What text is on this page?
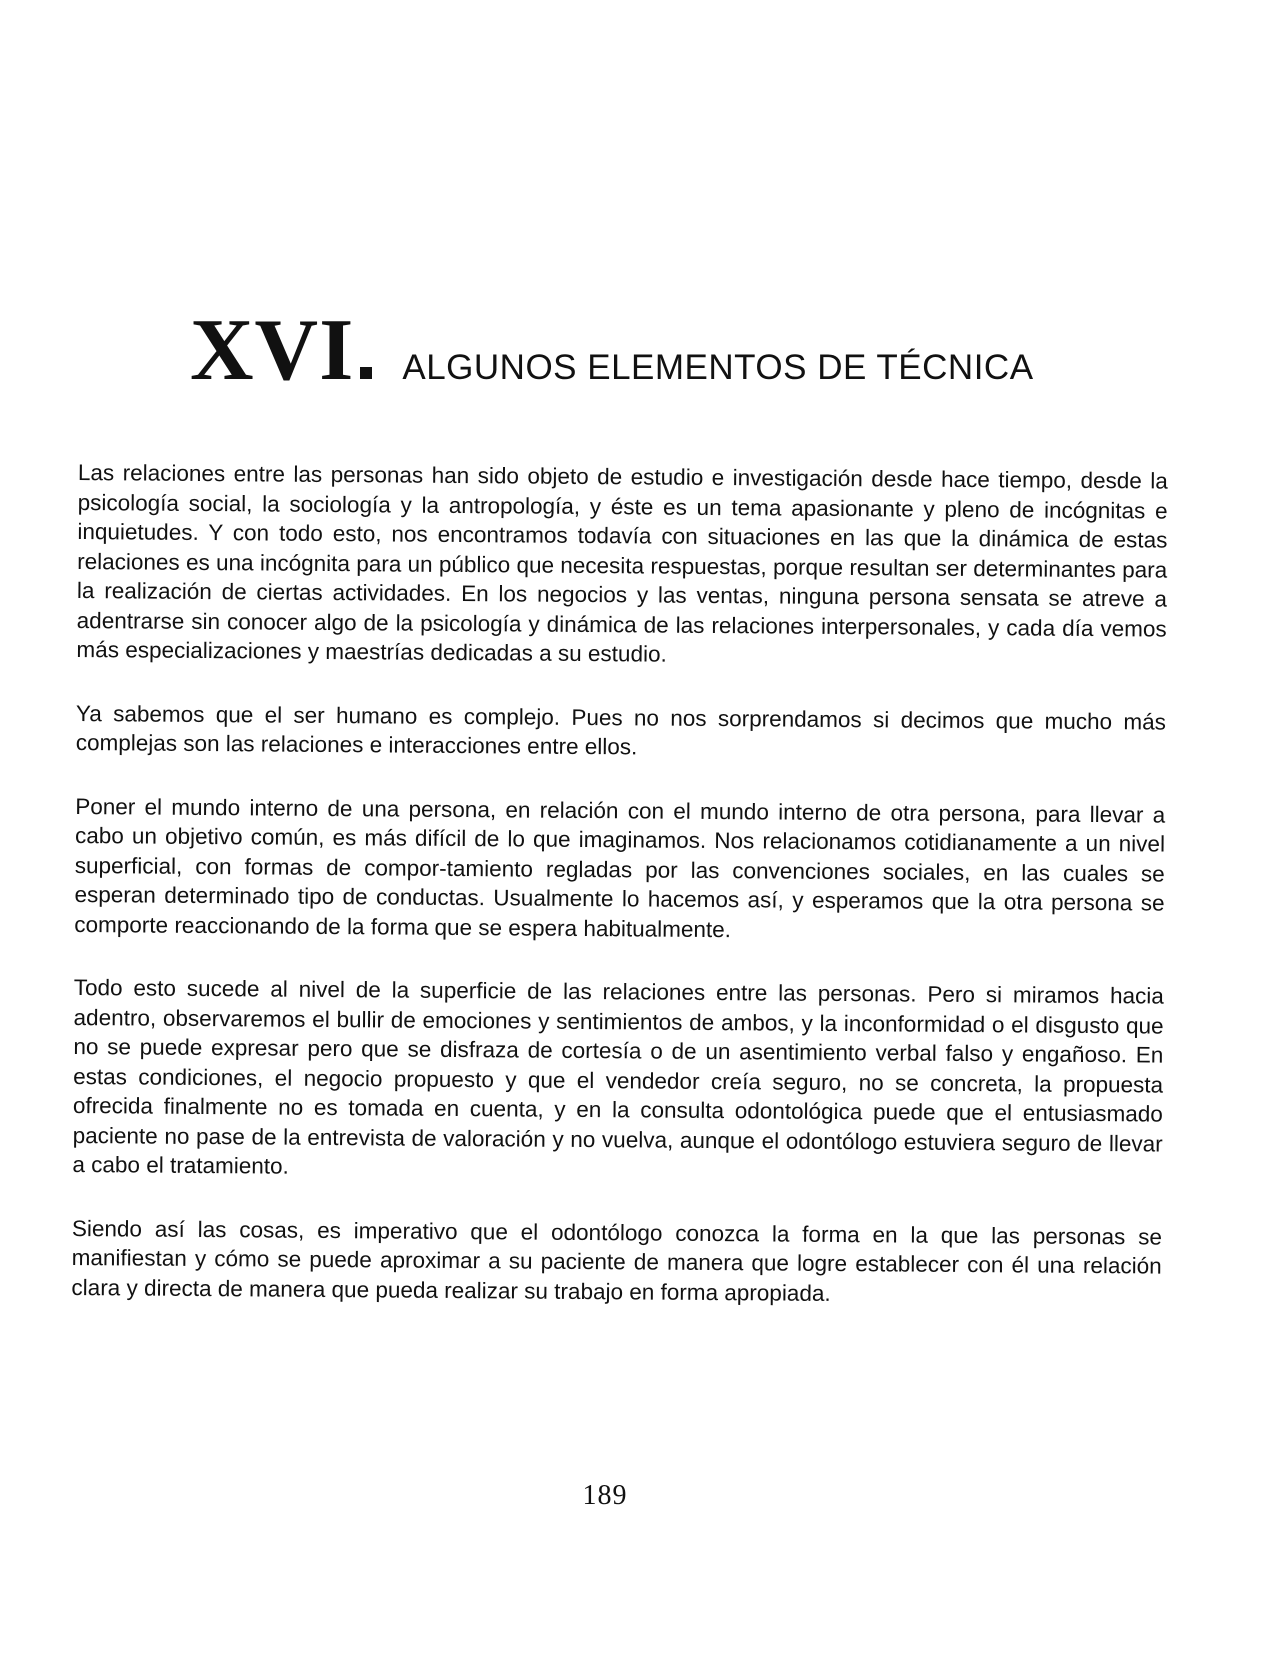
XVI ALGUNOS ELEMENTOS DE TÉCNICA

Las relaciones entre las personas han sido objeto de estudio e investigación desde hace tiempo, desde la psicología social, la sociología y la antropología, y éste es un tema apasionante y pleno de incógnitas e inquietudes. Y con todo esto, nos encontramos todavía con situaciones en las que la dinámica de estas relaciones es una incógnita para un público que necesita respuestas, porque resultan ser determinantes para la realización de ciertas actividades. En los negocios y las ventas, ninguna persona sensata se atreve a adentrarse sin conocer algo de la psicología y dinámica de las relaciones interpersonales, y cada día vemos más especializaciones y maestrías dedicadas a su estudio.

Ya sabemos que el ser humano es complejo. Pues no nos sorprendamos si decimos que mucho más complejas son las relaciones e interacciones entre ellos.

Poner el mundo interno de una persona, en relación con el mundo interno de otra persona, para llevar a cabo un objetivo común, es más difícil de lo que imaginamos. Nos relacionamos cotidianamente a un nivel superficial, con formas de compor-tamiento regladas por las convenciones sociales, en las cuales se esperan determinado tipo de conductas. Usualmente lo hacemos así, y esperamos que la otra persona se comporte reaccionando de la forma que se espera habitualmente.

Todo esto sucede al nivel de la superficie de las relaciones entre las personas. Pero si miramos hacia adentro, observaremos el bullir de emociones y sentimientos de ambos, y la inconformidad o el disgusto que no se puede expresar pero que se disfraza de cortesía o de un asentimiento verbal falso y engañoso. En estas condiciones, el negocio propuesto y que el vendedor creía seguro, no se concreta, la propuesta ofrecida finalmente no es tomada en cuenta, y en la consulta odontológica puede que el entusiasmado paciente no pase de la entrevista de valoración y no vuelva, aunque el odontólogo estuviera seguro de llevar a cabo el tratamiento.

Siendo así las cosas, es imperativo que el odontólogo conozca la forma en la que las personas se manifiestan y cómo se puede aproximar a su paciente de manera que logre establecer con él una relación clara y directa de manera que pueda realizar su trabajo en forma apropiada.

189
